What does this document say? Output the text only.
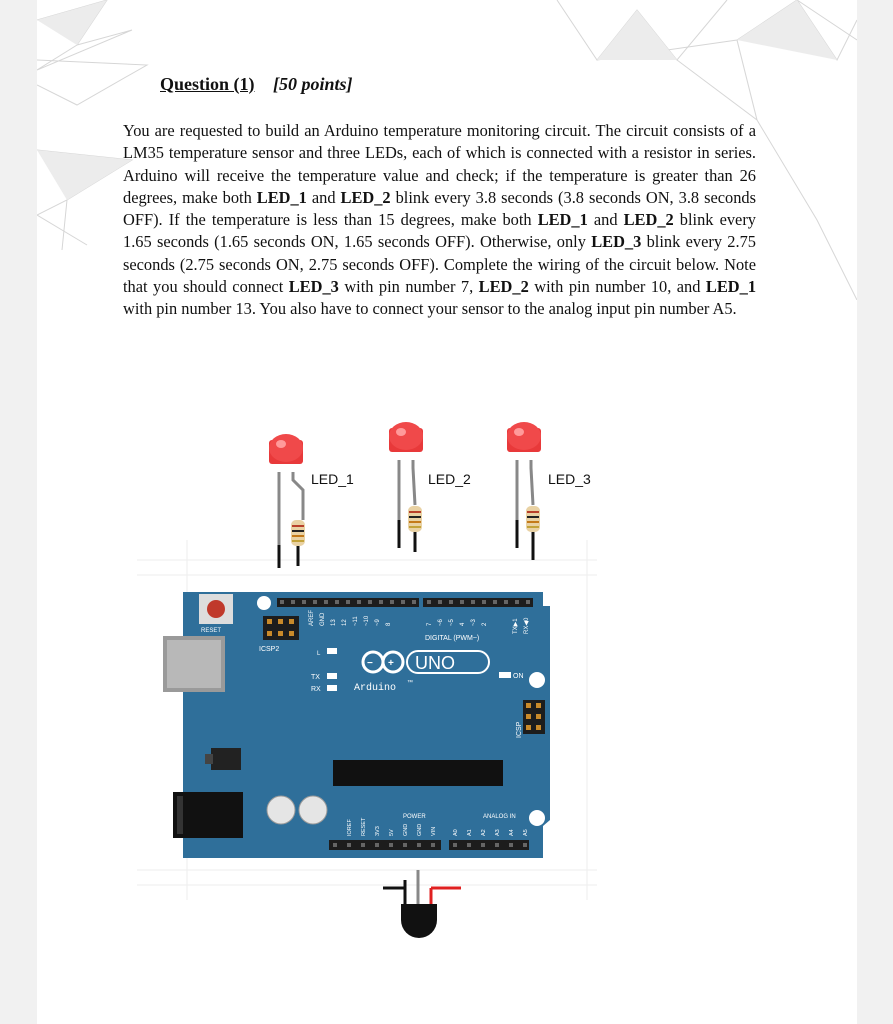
Question (1) [50 points]
You are requested to build an Arduino temperature monitoring circuit. The circuit consists of a LM35 temperature sensor and three LEDs, each of which is connected with a resistor in series. Arduino will receive the temperature value and check; if the temperature is greater than 26 degrees, make both LED_1 and LED_2 blink every 3.8 seconds (3.8 seconds ON, 3.8 seconds OFF). If the temperature is less than 15 degrees, make both LED_1 and LED_2 blink every 1.65 seconds (1.65 seconds ON, 1.65 seconds OFF). Otherwise, only LED_3 blink every 2.75 seconds (2.75 seconds ON, 2.75 seconds OFF). Complete the wiring of the circuit below. Note that you should connect LED_3 with pin number 7, LED_2 with pin number 10, and LED_1 with pin number 13. You also have to connect your sensor to the analog input pin number A5.
LED_1	LED_2	LED_3
RESET
ICSP2
AREF GND 13 12 ~11 ~10 ~9 8	7 ~6 ~5 4 ~3 2	TX▶1 RX◀0
DIGITAL (PWM~)
− + UNO
Arduino ™
L
TX
RX
ON
ICSP
POWER	ANALOG IN
IOREF RESET 3V3 5V GND GND VIN	A0 A1 A2 A3 A4 A5
